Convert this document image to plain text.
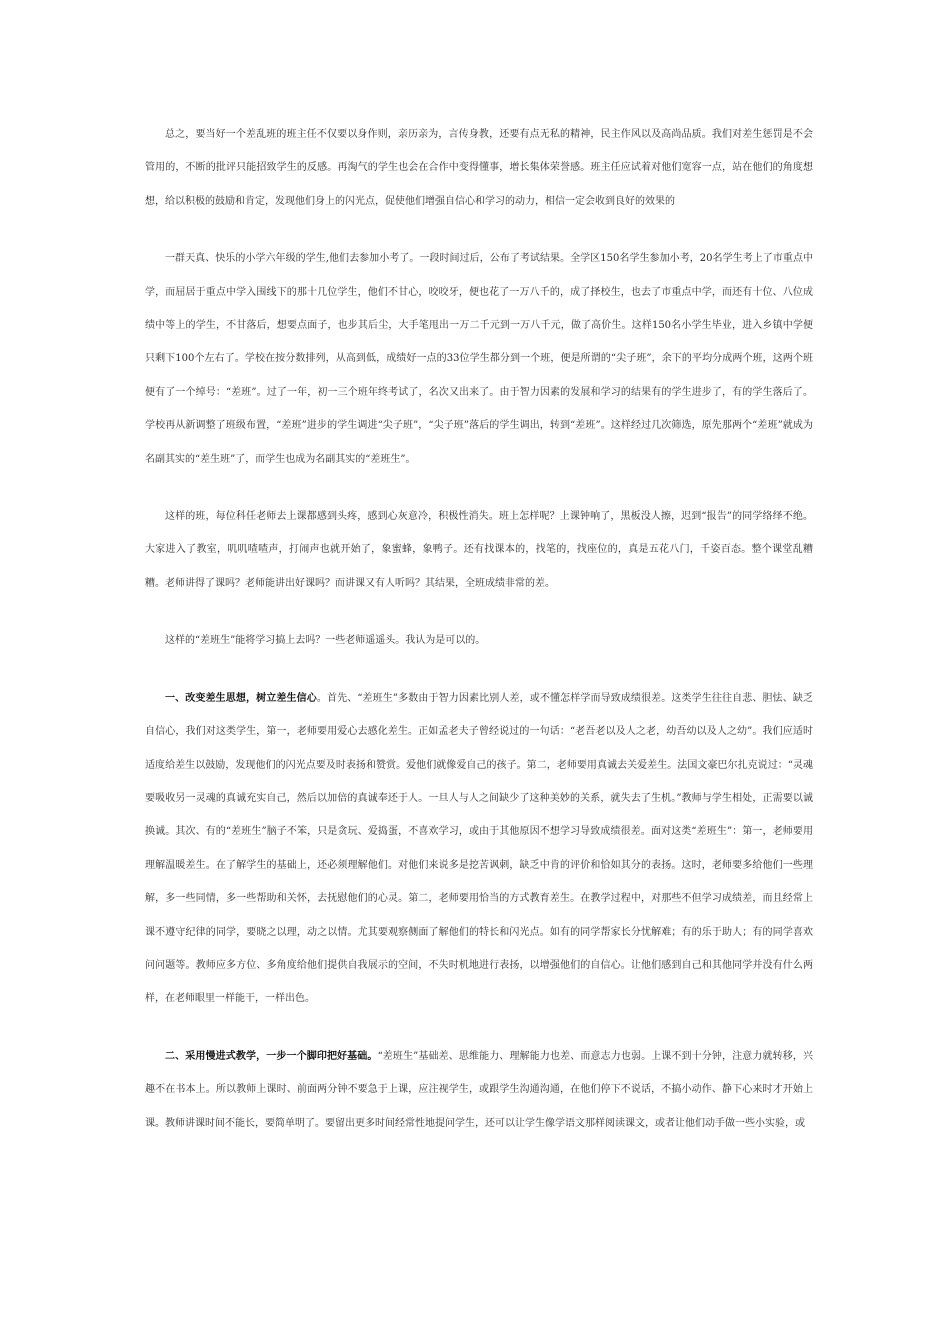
总之，要当好一个差乱班的班主任不仅要以身作则，亲历亲为，言传身教，还要有点无私的精神，民主作风以及高尚品质。我们对差生惩罚是不会管用的，不断的批评只能招致学生的反感。再淘气的学生也会在合作中变得懂事，增长集体荣誉感。班主任应试着对他们宽容一点，站在他们的角度想想，给以积极的鼓励和肯定，发现他们身上的闪光点，促使他们增强自信心和学习的动力，相信一定会收到良好的效果的

一群天真、快乐的小学六年级的学生,他们去参加小考了。一段时间过后，公布了考试结果。全学区150名学生参加小考，20名学生考上了市重点中学，而屈居于重点中学入围线下的那十几位学生，他们不甘心，咬咬牙，便也花了一万八千的，成了择校生，也去了市重点中学，而还有十位、八位成绩中等上的学生，不甘落后，想要点面子，也步其后尘，大手笔甩出一万二千元到一万八千元，做了高价生。这样150名小学生毕业，进入乡镇中学便只剩下100个左右了。学校在按分数排列，从高到低，成绩好一点的33位学生都分到一个班，便是所谓的“尖子班”，余下的平均分成两个班，这两个班便有了一个绰号：“差班”。过了一年，初一三个班年终考试了，名次又出来了。由于智力因素的发展和学习的结果有的学生进步了，有的学生落后了。学校再从新调整了班级布置，“差班”进步的学生调进“尖子班”，“尖子班”落后的学生调出，转到“差班”。这样经过几次筛选，原先那两个“差班”就成为名副其实的“差生班”了，而学生也成为名副其实的“差班生”。

这样的班，每位科任老师去上课都感到头疼，感到心灰意冷，积极性消失。班上怎样呢？上课钟响了，黑板没人擦，迟到“报告”的同学络绎不绝。大家进入了教室，叽叽喳喳声，打闹声也就开始了，象蜜蜂，象鸭子。还有找课本的，找笔的，找座位的，真是五花八门，千姿百态。整个课堂乱糟糟。老师讲得了课吗？老师能讲出好课吗？而讲课又有人听吗？其结果，全班成绩非常的差。

这样的“差班生”能将学习搞上去吗？一些老师遥遥头。我认为是可以的。

一、改变差生思想，树立差生信心。首先、“差班生”多数由于智力因素比别人差，或不懂怎样学而导致成绩很差。这类学生往往自悲、胆怯、缺乏自信心，我们对这类学生，第一，老师要用爱心去感化差生。正如孟老夫子曾经说过的一句话：“老吾老以及人之老，幼吾幼以及人之幼”。我们应适时适度给差生以鼓励，发现他们的闪光点要及时表扬和赞赏。爱他们就像爱自己的孩子。第二，老师要用真诚去关爱差生。法国文豪巴尔扎克说过：“灵魂要吸收另一灵魂的真诚充实自己，然后以加倍的真诚奉还于人。一旦人与人之间缺少了这种美妙的关系，就失去了生机。”教师与学生相处，正需要以诚换诚。其次、有的“差班生”脑子不笨，只是贪玩、爱捣蛋，不喜欢学习，或由于其他原因不想学习导致成绩很差。面对这类“差班生”：第一，老师要用理解温暖差生。在了解学生的基础上，还必须理解他们。对他们来说多是挖苦讽刺，缺乏中肯的评价和恰如其分的表扬。这时，老师要多给他们一些理解，多一些同情，多一些帮助和关怀，去抚慰他们的心灵。第二，老师要用恰当的方式教育差生。在教学过程中，对那些不但学习成绩差，而且经常上课不遵守纪律的同学，要晓之以理，动之以情。尤其要观察侧面了解他们的特长和闪光点。如有的同学帮家长分忧解难；有的乐于助人；有的同学喜欢问问题等。教师应多方位、多角度给他们提供自我展示的空间，不失时机地进行表扬，以增强他们的自信心。让他们感到自己和其他同学并没有什么两样，在老师眼里一样能干，一样出色。

二、采用慢进式教学，一步一个脚印把好基础。“差班生”基础差、思维能力、理解能力也差、而意志力也弱。上课不到十分钟，注意力就转移，兴趣不在书本上。所以教师上课时、前面两分钟不要急于上课，应注视学生，或跟学生沟通沟通，在他们停下不说话，不搞小动作、静下心来时才开始上课。教师讲课时间不能长，要简单明了。要留出更多时间经常性地提问学生，还可以让学生像学语文那样阅读课文，或者让他们动手做一些小实验，或
